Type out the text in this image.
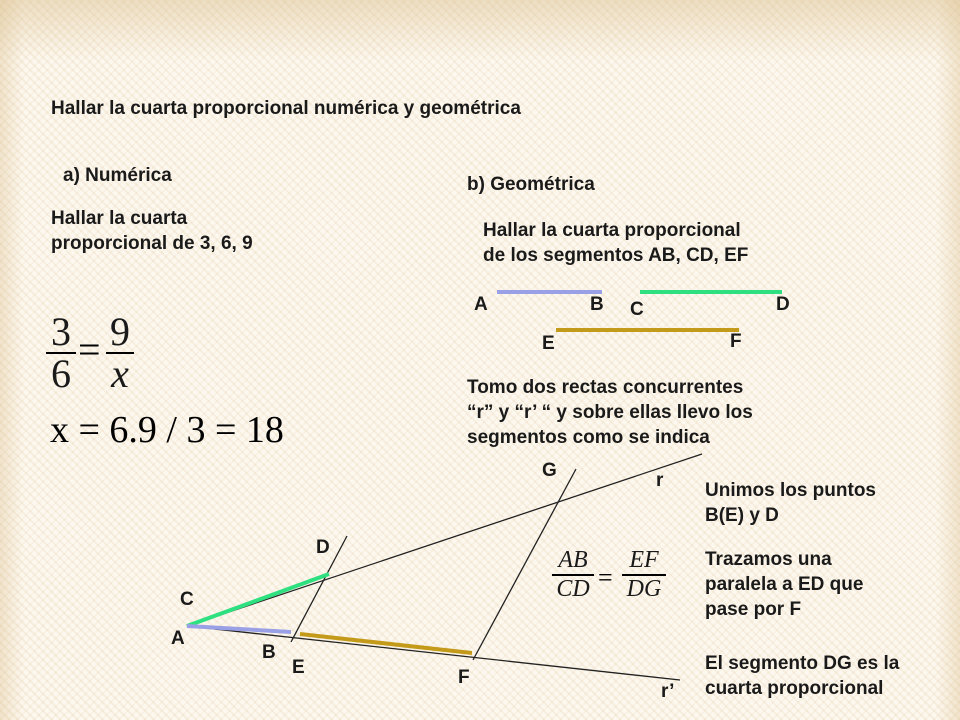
Hallar la cuarta proporcional numérica y geométrica
a) Numérica
Hallar la cuarta
proporcional de 3, 6, 9
3
6
= 9
x
x = 6.9 / 3 = 18
b) Geométrica
Hallar la cuarta proporcional
de los segmentos AB, CD, EF
A	B C	D
E	F
Tomo dos rectas concurrentes
“r” y “r’ “ y sobre ellas llevo los
segmentos como se indica
G	r
r’
D
C
A
B
E	F
AB
CD =
EF
DG
Unimos los puntos
B(E) y D
Trazamos una
paralela a ED que
pase por F
El segmento DG es la
cuarta proporcional
